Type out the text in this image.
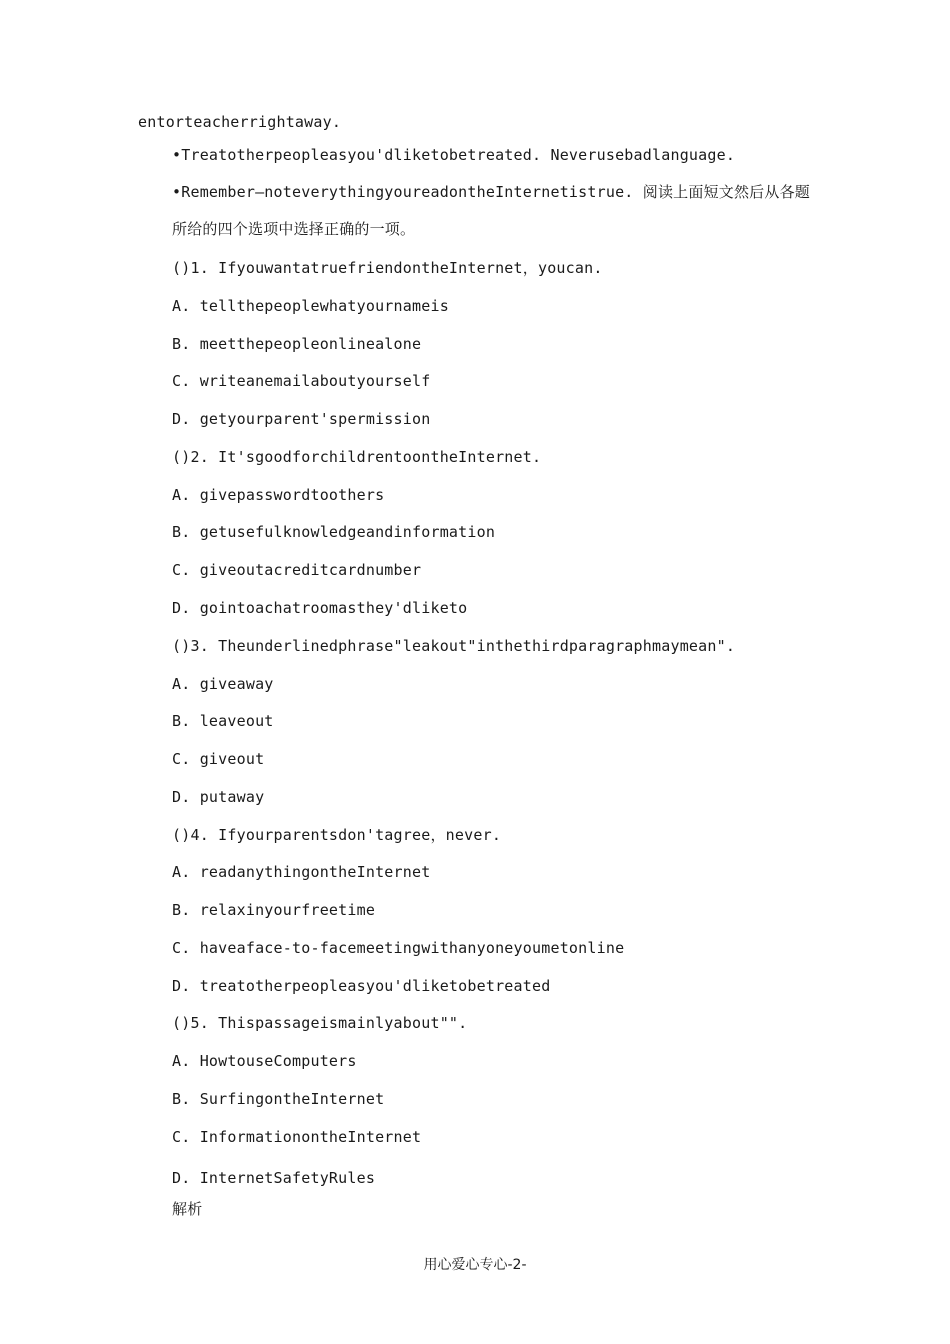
entorteacherrightaway.
•Treatotherpeopleasyou'dliketobetreated. Neverusebadlanguage.
•Remember—noteverythingyoureadontheInternetistrue. 阅读上面短文然后从各题
所给的四个选项中选择正确的一项。
()1. IfyouwantatruefriendontheInternet，youcan.
A. tellthepeoplewhatyournameis
B. meetthepeopleonlinealone
C. writeanemailaboutyourself
D. getyourparent'spermission
()2. It'sgoodforchildrentoontheInternet.
A. givepasswordtoothers
B. getusefulknowledgeandinformation
C. giveoutacreditcardnumber
D. gointoachatroomasthey'dliketo
()3. Theunderlinedphrase"leakout"inthethirdparagraphmaymean".
A. giveaway
B. leaveout
C. giveout
D. putaway
()4. Ifyourparentsdon'tagree，never.
A. readanythingontheInternet
B. relaxinyourfreetime
C. haveaface-to-facemeetingwithanyoneyoumetonline
D. treatotherpeopleasyou'dliketobetreated
()5. Thispassageismainlyabout"".
A. HowtouseComputers
B. SurfingontheInternet
C. InformationontheInternet
D. InternetSafetyRules
解析
用心爱心专心-2-
